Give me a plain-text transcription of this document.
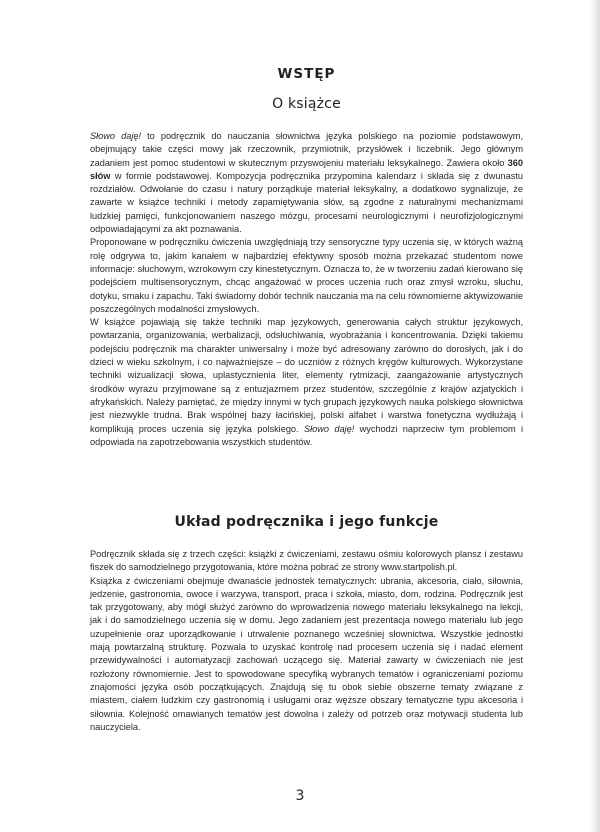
WSTĘP
O książce

Słowo daję! to podręcznik do nauczania słownictwa języka polskiego na poziomie podstawowym, obejmujący takie części mowy jak rzeczownik, przymiotnik, przysłówek i liczebnik. Jego głównym zadaniem jest pomoc studentowi w skutecznym przyswojeniu materiału leksykalnego. Zawiera około 360 słów w formie podstawowej. Kompozycja podręcznika przypomina kalendarz i składa się z dwunastu rozdziałów. Odwołanie do czasu i natury porządkuje materiał leksykalny, a dodatkowo sygnalizuje, że zawarte w książce techniki i metody zapamiętywania słów, są zgodne z naturalnymi mechanizmami ludzkiej pamięci, funkcjonowaniem naszego mózgu, procesami neurologicznymi i neurofizjologicznymi odpowiadającymi za akt poznawania.

Proponowane w podręczniku ćwiczenia uwzględniają trzy sensoryczne typy uczenia się, w których ważną rolę odgrywa to, jakim kanałem w najbardziej efektywny sposób można przekazać studentom nowe informacje: słuchowym, wzrokowym czy kinestetycznym. Oznacza to, że w tworzeniu zadań kierowano się podejściem multisensorycznym, chcąc angażować w proces uczenia ruch oraz zmysł wzroku, słuchu, dotyku, smaku i zapachu. Taki świadomy dobór technik nauczania ma na celu równomierne aktywizowanie poszczególnych modalności zmysłowych.

W książce pojawiają się także techniki map językowych, generowania całych struktur językowych, powtarzania, organizowania, werbalizacji, odsłuchiwania, wyobrażania i koncentrowania. Dzięki takiemu podejściu podręcznik ma charakter uniwersalny i może być adresowany zarówno do dorosłych, jak i do dzieci w wieku szkolnym, i co najważniejsze – do uczniów z różnych kręgów kulturowych. Wykorzystane techniki wizualizacji słowa, uplastycznienia liter, elementy rytmizacji, zaangażowanie artystycznych środków wyrazu przyjmowane są z entuzjazmem przez studentów, szczególnie z krajów azjatyckich i afrykańskich. Należy pamiętać, że między innymi w tych grupach językowych nauka polskiego słownictwa jest niezwykle trudna. Brak wspólnej bazy łacińskiej, polski alfabet i warstwa fonetyczna wydłużają i komplikują proces uczenia się języka polskiego. Słowo daję! wychodzi naprzeciw tym problemom i odpowiada na zapotrzebowania wszystkich studentów.

Układ podręcznika i jego funkcje

Podręcznik składa się z trzech części: książki z ćwiczeniami, zestawu ośmiu kolorowych plansz i zestawu fiszek do samodzielnego przygotowania, które można pobrać ze strony www.startpolish.pl.

Książka z ćwiczeniami obejmuje dwanaście jednostek tematycznych: ubrania, akcesoria, ciało, siłownia, jedzenie, gastronomia, owoce i warzywa, transport, praca i szkoła, miasto, dom, rodzina. Podręcznik jest tak przygotowany, aby mógł służyć zarówno do wprowadzenia nowego materiału leksykalnego na lekcji, jak i do samodzielnego uczenia się w domu. Jego zadaniem jest prezentacja nowego materiału lub jego uzupełnienie oraz uporządkowanie i utrwalenie poznanego wcześniej słownictwa. Wszystkie jednostki mają powtarzalną strukturę. Pozwala to uzyskać kontrolę nad procesem uczenia się i nadać element przewidywalności i automatyzacji zachowań uczącego się. Materiał zawarty w ćwiczeniach nie jest rozłożony równomiernie. Jest to spowodowane specyfiką wybranych tematów i ograniczeniami poziomu znajomości języka osób początkujących. Znajdują się tu obok siebie obszerne tematy związane z miastem, ciałem ludzkim czy gastronomią i usługami oraz węższe obszary tematyczne typu akcesoria i siłownia. Kolejność omawianych tematów jest dowolna i zależy od potrzeb oraz motywacji studenta lub nauczyciela.

3
